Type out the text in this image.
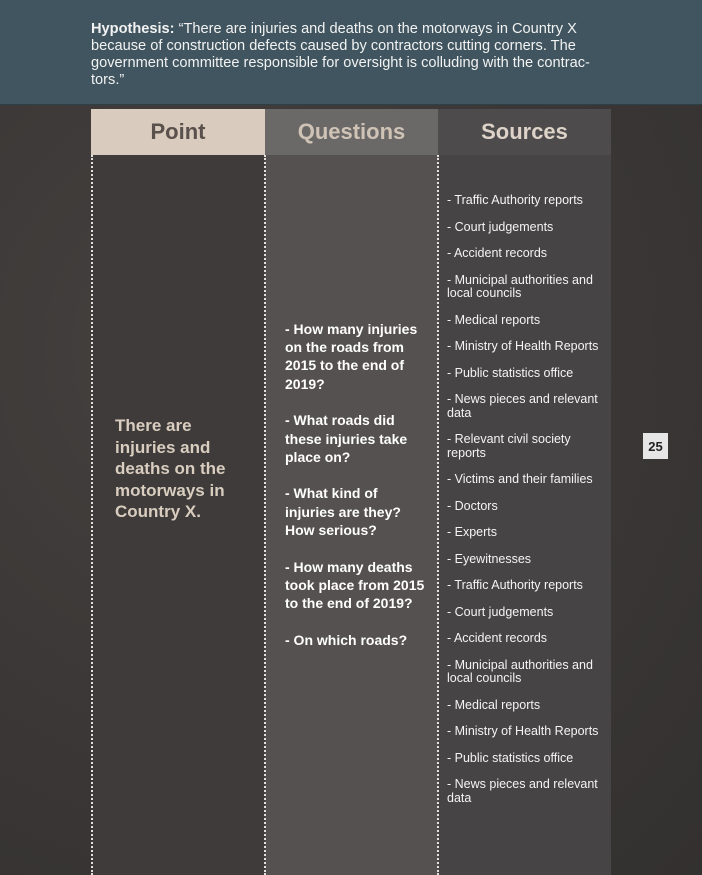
Hypothesis: “There are injuries and deaths on the motorways in Country X because of construction defects caused by contractors cutting corners. The government committee responsible for oversight is colluding with the contractors.”
Point
There are injuries and deaths on the motorways in Country X.
Questions
- How many injuries on the roads from 2015 to the end of 2019?
- What roads did these injuries take place on?
- What kind of injuries are they? How serious?
- How many deaths took place from 2015 to the end of 2019?
- On which roads?
Sources
- Traffic Authority reports
- Court judgements
- Accident records
- Municipal authorities and local councils
- Medical reports
- Ministry of Health Reports
- Public statistics office
- News pieces and relevant data
- Relevant civil society reports
- Victims and their families
- Doctors
- Experts
- Eyewitnesses
- Traffic Authority reports
- Court judgements
- Accident records
- Municipal authorities and local councils
- Medical reports
- Ministry of Health Reports
- Public statistics office
- News pieces and relevant data
25
